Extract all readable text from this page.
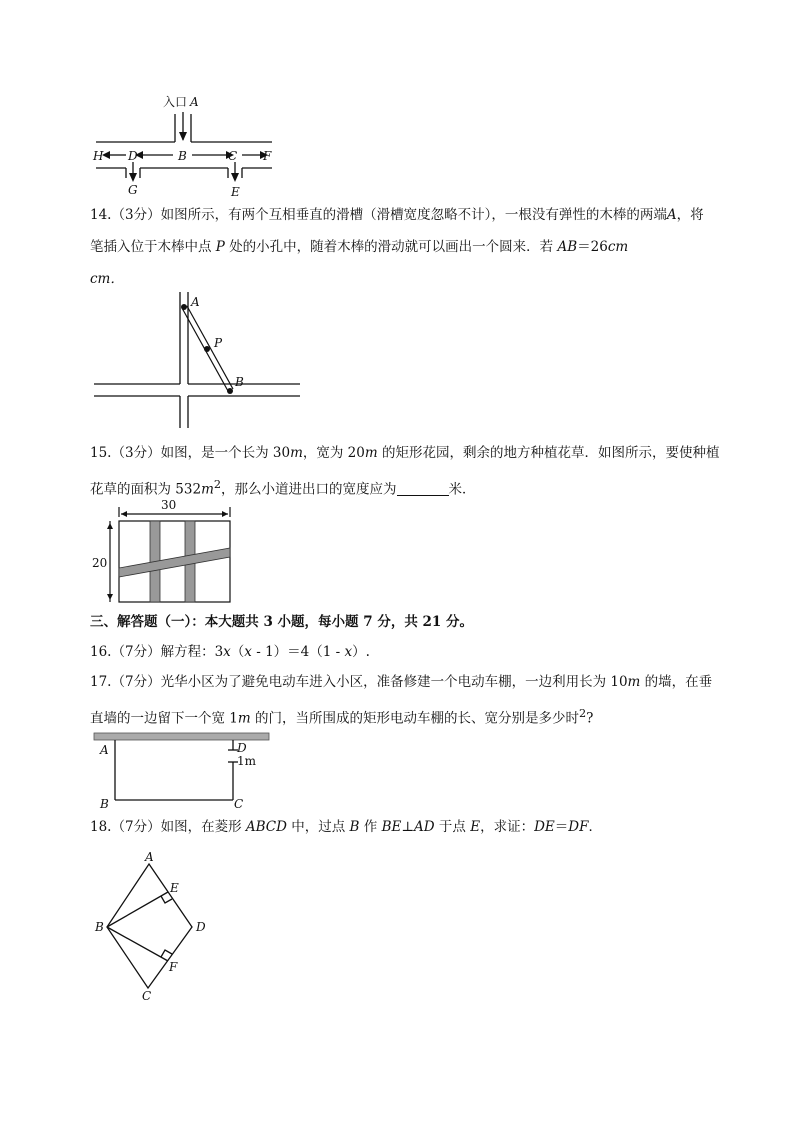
入口 A
H D	B	C F
G	E

14.（3分）如图所示，有两个互相垂直的滑槽（滑槽宽度忽略不计），一根没有弹性的木棒的两端A，将

笔插入位于木棒中点 P 处的小孔中，随着木棒的滑动就可以画出一个圆来．若 AB＝26cm

cm．

A
P
B

15.（3分）如图，是一个长为 30m，宽为 20m 的矩形花园，剩余的地方种植花草．如图所示，要使种植

花草的面积为 $532m^2$，那么小道进出口的宽度应为	米．

30
20
三、解答题（一）：本大题共 3 小题，每小题 7 分，共 21 分。

16.（7分）解方程：3x（x - 1）＝4（1 - x）.

17.（7分）光华小区为了避免电动车进入小区，准备修建一个电动车棚，一边利用长为 10m 的墙，在垂

直墙的一边留下一个宽 1m 的门，当所围成的矩形电动车棚的长、宽分别是多少时$^2$?

A	D
1m
B	C

18.（7分）如图，在菱形 ABCD 中，过点 B 作 BE⊥AD 于点 E，求证：DE＝DF．

A
E
B	D
F
C
